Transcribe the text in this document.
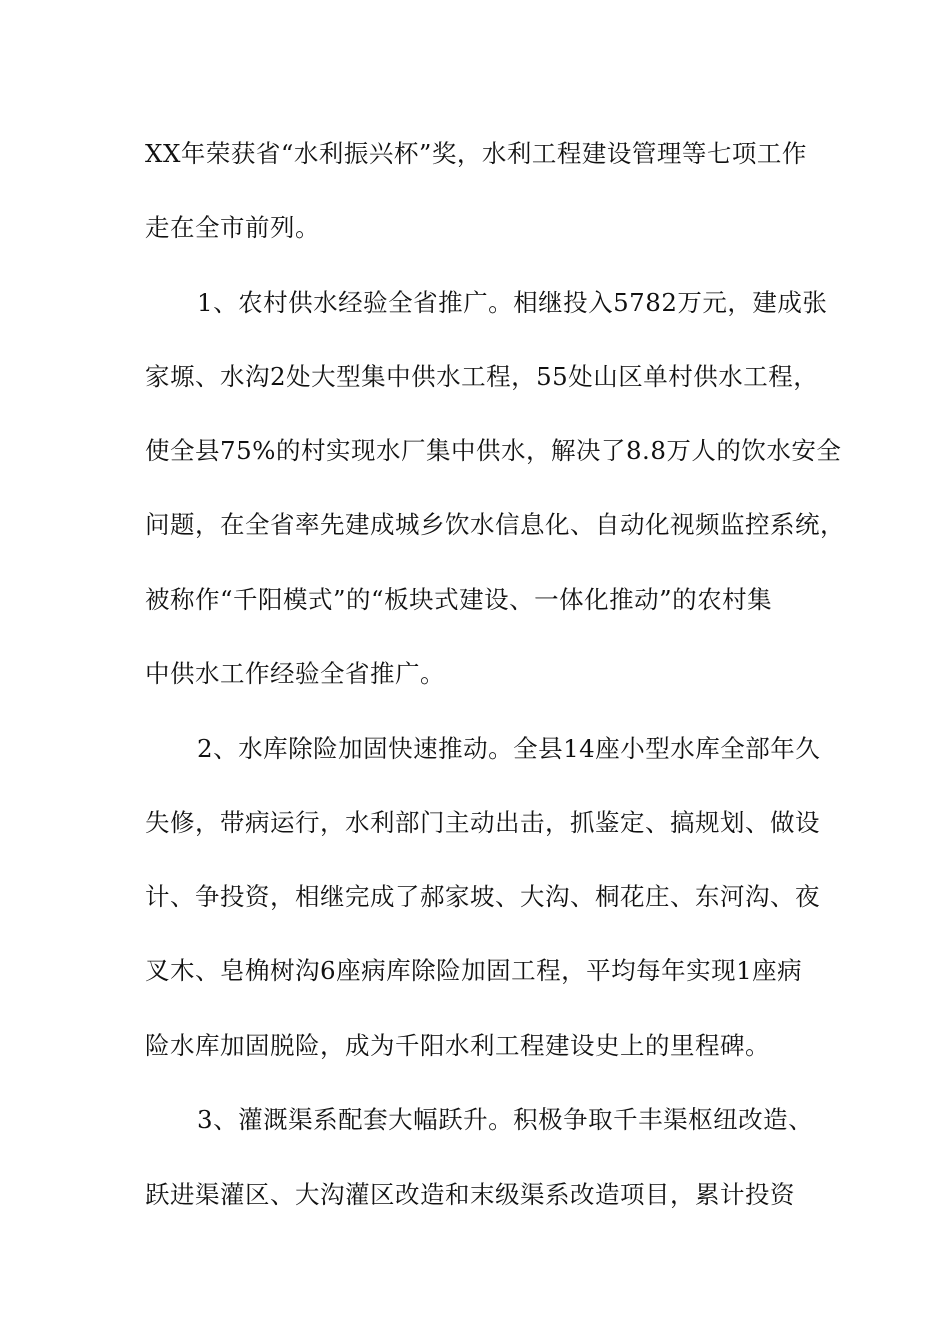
XX年荣获省“水利振兴杯”奖，水利工程建设管理等七项工作
走在全市前列。
1、农村供水经验全省推广。相继投入5782万元，建成张
家塬、水沟2处大型集中供水工程，55处山区单村供水工程，
使全县75%的村实现水厂集中供水，解决了8.8万人的饮水安全
问题，在全省率先建成城乡饮水信息化、自动化视频监控系统，
被称作“千阳模式”的“板块式建设、一体化推动”的农村集
中供水工作经验全省推广。
2、水库除险加固快速推动。全县14座小型水库全部年久
失修，带病运行，水利部门主动出击，抓鉴定、搞规划、做设
计、争投资，相继完成了郝家坡、大沟、桐花庄、东河沟、夜
叉木、皂桷树沟6座病库除险加固工程，平均每年实现1座病
险水库加固脱险，成为千阳水利工程建设史上的里程碑。
3、灌溉渠系配套大幅跃升。积极争取千丰渠枢纽改造、
跃进渠灌区、大沟灌区改造和末级渠系改造项目，累计投资
